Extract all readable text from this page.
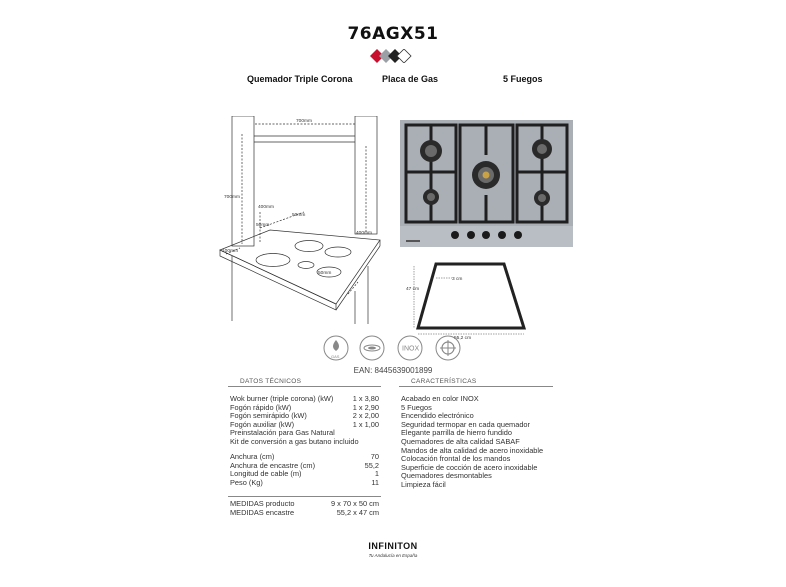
76AGX51
Quemador Triple Corona	Placa de Gas	5 Fuegos
700mm
700mm
400mm
400mm
50mm
50mm
100mm
50mm
47 cm
55,2 cm
3 cm
GAS
INOX
EAN: 8445639001899
DATOS TÉCNICOS
Wok burner (triple corona) (kW)	1 x 3,80
Fogón rápido (kW)	1 x 2,90
Fogón semirápido (kW)	2 x 2,00
Fogón auxiliar (kW)	1 x 1,00
Preinstalación para Gas Natural
Kit de conversión a gas butano incluido
Anchura (cm)	70
Anchura de encastre (cm)	55,2
Longitud de cable (m)	1
Peso (Kg)	11
MEDIDAS producto	9 x 70 x 50 cm
MEDIDAS encastre	55,2 x 47 cm
CARACTERÍSTICAS
Acabado en color INOX
5 Fuegos
Encendido electrónico
Seguridad termopar en cada quemador
Elegante parrilla de hierro fundido
Quemadores de alta calidad SABAF
Mandos de alta calidad de acero inoxidable
Colocación frontal de los mandos
Superficie de cocción de acero inoxidable
Quemadores desmontables
Limpieza fácil
INFINITON
Tu Andalucía en España
